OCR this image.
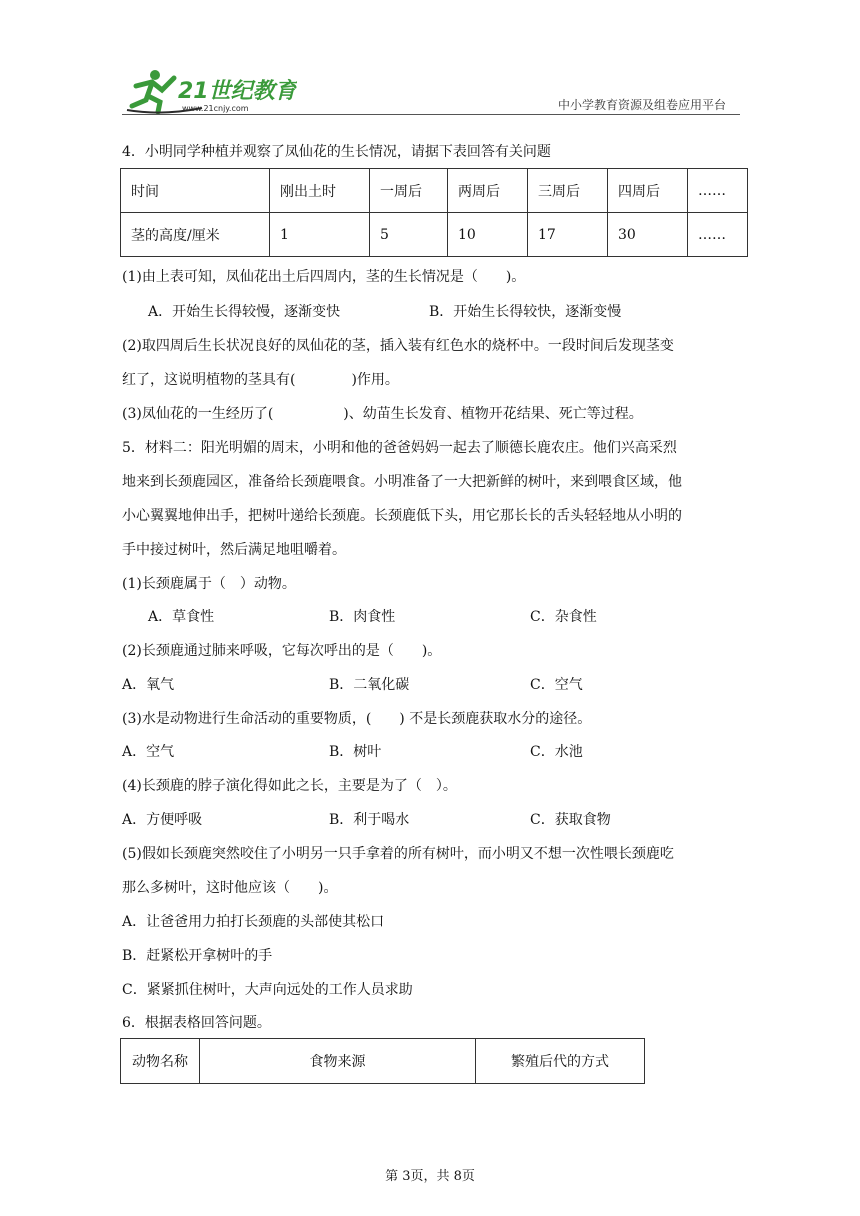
21世纪教育
www.21cnjy.com	中小学教育资源及组卷应用平台
4．小明同学种植并观察了凤仙花的生长情况，请据下表回答有关问题
时间	刚出土时	一周后	两周后	三周后	四周后	……
茎的高度/厘米	1	5	10	17	30	……
(1)由上表可知，凤仙花出土后四周内，茎的生长情况是（　　)。
A．开始生长得较慢，逐渐变快	B．开始生长得较快，逐渐变慢
(2)取四周后生长状况良好的凤仙花的茎，插入装有红色水的烧杯中。一段时间后发现茎变
红了，这说明植物的茎具有(　　　　)作用。
(3)凤仙花的一生经历了(　　　　　)、幼苗生长发育、植物开花结果、死亡等过程。
5．材料二：阳光明媚的周末，小明和他的爸爸妈妈一起去了顺德长鹿农庄。他们兴高采烈
地来到长颈鹿园区，准备给长颈鹿喂食。小明准备了一大把新鲜的树叶，来到喂食区域，他
小心翼翼地伸出手，把树叶递给长颈鹿。长颈鹿低下头，用它那长长的舌头轻轻地从小明的
手中接过树叶，然后满足地咀嚼着。
(1)长颈鹿属于（　）动物。
A．草食性	B．肉食性	C．杂食性
(2)长颈鹿通过肺来呼吸，它每次呼出的是（　　)。
A．氧气	B．二氧化碳	C．空气
(3)水是动物进行生命活动的重要物质，(　　) 不是长颈鹿获取水分的途径。
A．空气	B．树叶	C．水池
(4)长颈鹿的脖子演化得如此之长，主要是为了（　）。
A．方便呼吸	B．利于喝水	C．获取食物
(5)假如长颈鹿突然咬住了小明另一只手拿着的所有树叶，而小明又不想一次性喂长颈鹿吃
那么多树叶，这时他应该（　　)。
A．让爸爸用力拍打长颈鹿的头部使其松口
B．赶紧松开拿树叶的手
C．紧紧抓住树叶，大声向远处的工作人员求助
6．根据表格回答问题。
动物名称	食物来源	繁殖后代的方式
第 3页，共 8页
